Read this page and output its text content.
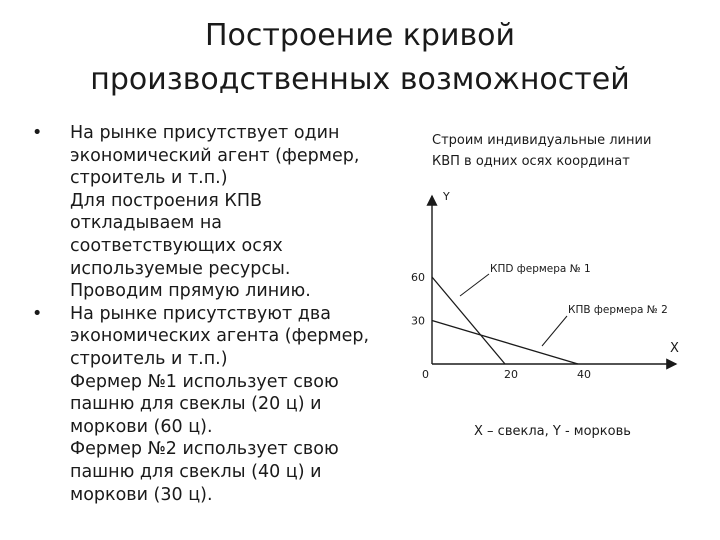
Построение кривой
производственных возможностей
• На рынке присутствует один
экономический агент (фермер,
строитель и т.п.)
Для построения КПВ
откладываем на
соответствующих осях
используемые ресурсы.
Проводим прямую линию.
• На рынке присутствуют два
экономических агента (фермер,
строитель и т.п.)
Фермер №1 использует свою
пашню для свеклы (20 ц) и
моркови (60 ц).
Фермер №2 использует свою
пашню для свеклы (40 ц) и
моркови (30 ц).
Строим индивидуальные линии
КВП в одних осях координат
30
60
20	40
Y
X
0
КПD фермера № 1
КПВ фермера № 2
X – свекла, Y - морковь
